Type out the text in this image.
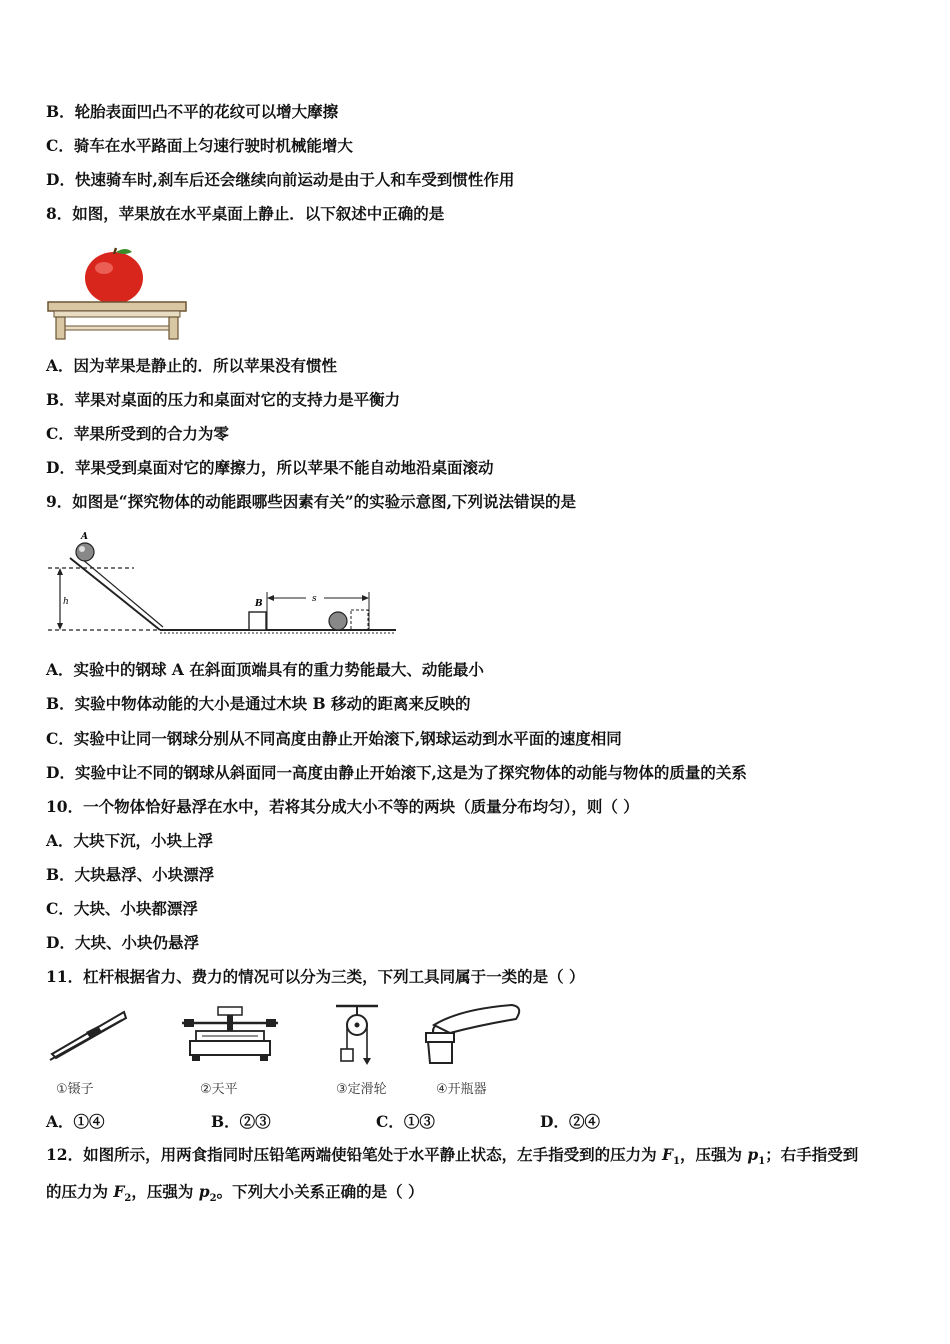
B．轮胎表面凹凸不平的花纹可以增大摩擦
C．骑车在水平路面上匀速行驶时机械能增大
D．快速骑车时,刹车后还会继续向前运动是由于人和车受到惯性作用
8．如图，苹果放在水平桌面上静止．以下叙述中正确的是
A．因为苹果是静止的．所以苹果没有惯性
B．苹果对桌面的压力和桌面对它的支持力是平衡力
C．苹果所受到的合力为零
D．苹果受到桌面对它的摩擦力，所以苹果不能自动地沿桌面滚动
9．如图是“探究物体的动能跟哪些因素有关”的实验示意图,下列说法错误的是
h
A
B	s
A．实验中的钢球 A 在斜面顶端具有的重力势能最大、动能最小
B．实验中物体动能的大小是通过木块 B 移动的距离来反映的
C．实验中让同一钢球分别从不同高度由静止开始滚下,钢球运动到水平面的速度相同
D．实验中让不同的钢球从斜面同一高度由静止开始滚下,这是为了探究物体的动能与物体的质量的关系
10．一个物体恰好悬浮在水中，若将其分成大小不等的两块（质量分布均匀），则（ ）
A．大块下沉，小块上浮
B．大块悬浮、小块漂浮
C．大块、小块都漂浮
D．大块、小块仍悬浮
11．杠杆根据省力、费力的情况可以分为三类，下列工具同属于一类的是（ ）
①镊子	②天平	③定滑轮	④开瓶器
A．①④	B．②③	C．①③	D．②④
12．如图所示，用两食指同时压铅笔两端使铅笔处于水平静止状态，左手指受到的压力为 $F_1$，压强为 $p_1$；右手指受到
的压力为 $F_2$，压强为 $p_2$。下列大小关系正确的是（ ）
